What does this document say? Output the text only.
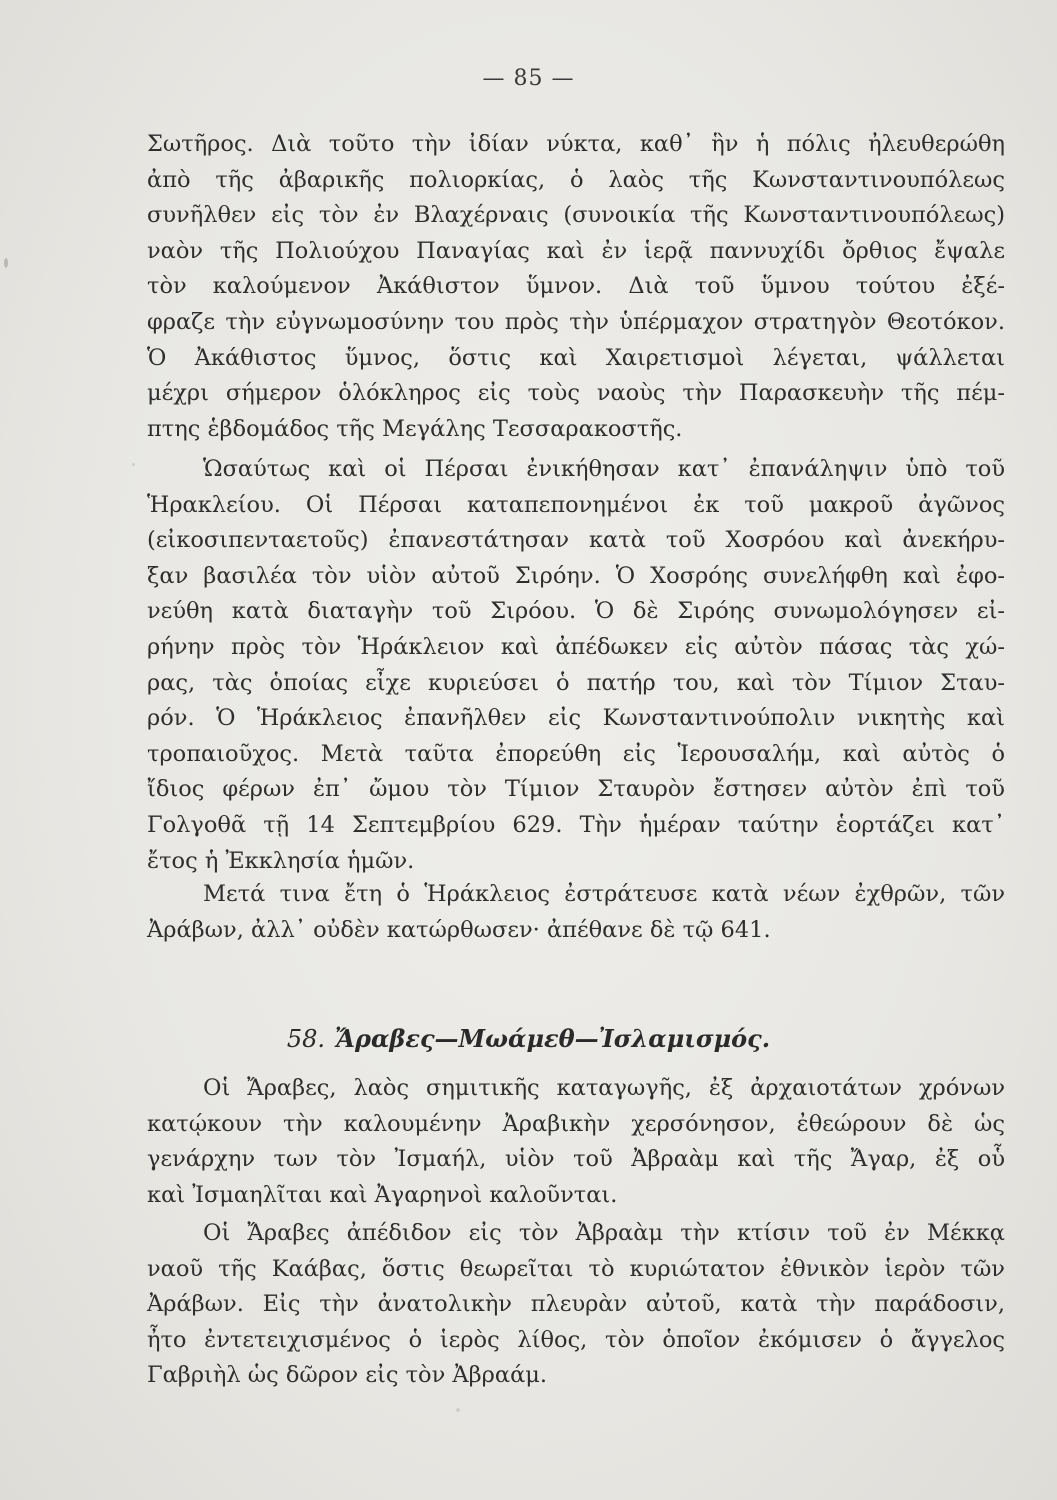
— 85 —

Σωτῆρος. Διὰ τοῦτο τὴν ἰδίαν νύκτα, καθ᾽ ἣν ἡ πόλις ἠλευθερώθη

ἀπὸ τῆς ἀβαρικῆς πολιορκίας, ὁ λαὸς τῆς Κωνσταντινουπόλεως

συνῆλθεν εἰς τὸν ἐν Βλαχέρναις (συνοικία τῆς Κωνσταντινουπόλεως)

ναὸν τῆς Πολιούχου Παναγίας καὶ ἐν ἱερᾷ παννυχίδι ὄρθιος ἔψαλε

τὸν καλούμενον Ἀκάθιστον ὕμνον. Διὰ τοῦ ὕμνου τούτου ἐξέ-

φραζε τὴν εὐγνωμοσύνην του πρὸς τὴν ὑπέρμαχον στρατηγὸν Θεοτόκον.

Ὁ Ἀκάθιστος ὕμνος, ὅστις καὶ Χαιρετισμοὶ λέγεται, ψάλλεται

μέχρι σήμερον ὁλόκληρος εἰς τοὺς ναοὺς τὴν Παρασκευὴν τῆς πέμ-

πτης ἑβδομάδος τῆς Μεγάλης Τεσσαρακοστῆς.

Ὡσαύτως καὶ οἱ Πέρσαι ἐνικήθησαν κατ᾽ ἐπανάληψιν ὑπὸ τοῦ

Ἡρακλείου. Οἱ Πέρσαι καταπεπονημένοι ἐκ τοῦ μακροῦ ἀγῶνος

(εἰκοσιπενταετοῦς) ἐπανεστάτησαν κατὰ τοῦ Χοσρόου καὶ ἀνεκήρυ-

ξαν βασιλέα τὸν υἱὸν αὐτοῦ Σιρόην. Ὁ Χοσρόης συνελήφθη καὶ ἐφο-

νεύθη κατὰ διαταγὴν τοῦ Σιρόου. Ὁ δὲ Σιρόης συνωμολόγησεν εἰ-

ρήνην πρὸς τὸν Ἡράκλειον καὶ ἀπέδωκεν εἰς αὐτὸν πάσας τὰς χώ-

ρας, τὰς ὁποίας εἶχε κυριεύσει ὁ πατήρ του, καὶ τὸν Τίμιον Σταυ-

ρόν. Ὁ Ἡράκλειος ἐπανῆλθεν εἰς Κωνσταντινούπολιν νικητὴς καὶ

τροπαιοῦχος. Μετὰ ταῦτα ἐπορεύθη εἰς Ἱερουσαλήμ, καὶ αὐτὸς ὁ

ἴδιος φέρων ἐπ᾽ ὤμου τὸν Τίμιον Σταυρὸν ἔστησεν αὐτὸν ἐπὶ τοῦ

Γολγοθᾶ τῇ 14 Σεπτεμβρίου 629. Τὴν ἡμέραν ταύτην ἑορτάζει κατ᾽

ἔτος ἡ Ἐκκλησία ἡμῶν.

Μετά τινα ἔτη ὁ Ἡράκλειος ἐστράτευσε κατὰ νέων ἐχθρῶν, τῶν

Ἀράβων, ἀλλ᾽ οὐδὲν κατώρθωσεν· ἀπέθανε δὲ τῷ 641.

58. Ἄραβες—Μωάμεθ—Ἰσλαμισμός.

Οἱ Ἄραβες, λαὸς σημιτικῆς καταγωγῆς, ἐξ ἀρχαιοτάτων χρόνων

κατῴκουν τὴν καλουμένην Ἀραβικὴν χερσόνησον, ἐθεώρουν δὲ ὡς

γενάρχην των τὸν Ἰσμαήλ, υἱὸν τοῦ Ἀβραὰμ καὶ τῆς Ἄγαρ, ἐξ οὗ

καὶ Ἰσμαηλῖται καὶ Ἀγαρηνοὶ καλοῦνται.

Οἱ Ἄραβες ἀπέδιδον εἰς τὸν Ἀβραὰμ τὴν κτίσιν τοῦ ἐν Μέκκᾳ

ναοῦ τῆς Καάβας, ὅστις θεωρεῖται τὸ κυριώτατον ἐθνικὸν ἱερὸν τῶν

Ἀράβων. Εἰς τὴν ἀνατολικὴν πλευρὰν αὐτοῦ, κατὰ τὴν παράδοσιν,

ἦτο ἐντετειχισμένος ὁ ἱερὸς λίθος, τὸν ὁποῖον ἐκόμισεν ὁ ἄγγελος

Γαβριὴλ ὡς δῶρον εἰς τὸν Ἀβραάμ.
